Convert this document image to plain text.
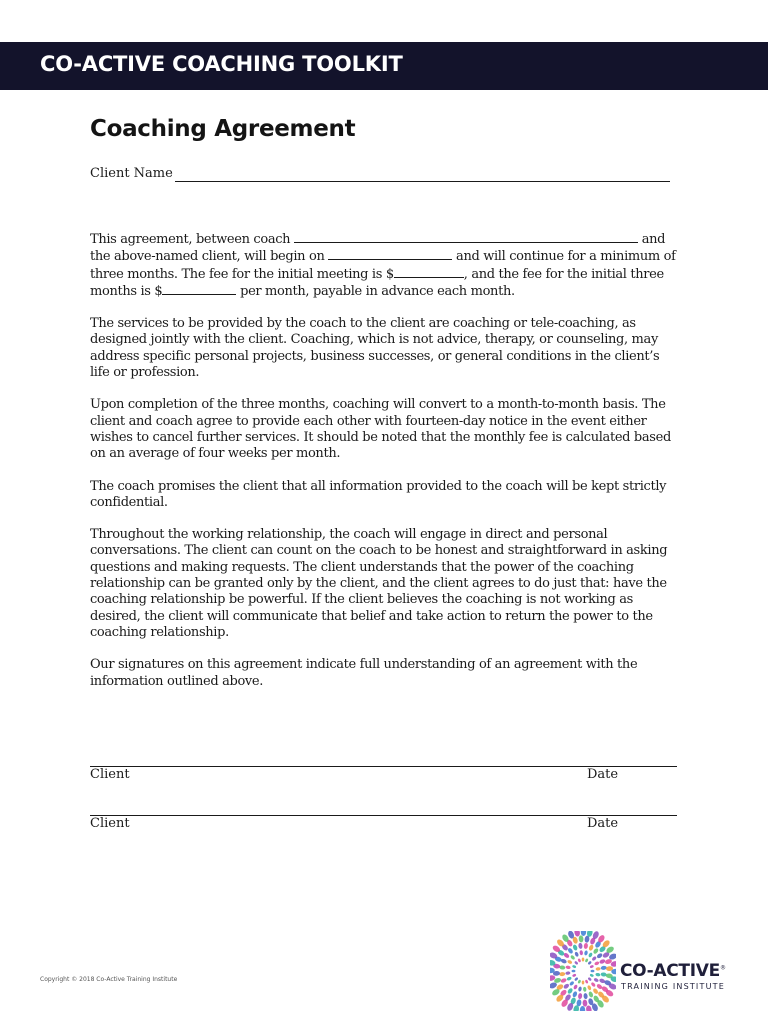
CO-ACTIVE COACHING TOOLKIT
Coaching Agreement
Client Name

This agreement, between coach	and the above-named client, will begin on	and will continue for a minimum of three months. The fee for the initial meeting is $	, and the fee for the initial three months is $	per month, payable in advance each month.

The services to be provided by the coach to the client are coaching or tele-coaching, as designed jointly with the client. Coaching, which is not advice, therapy, or counseling, may address specific personal projects, business successes, or general conditions in the client’s life or profession.

Upon completion of the three months, coaching will convert to a month-to-month basis. The client and coach agree to provide each other with fourteen-day notice in the event either wishes to cancel further services. It should be noted that the monthly fee is calculated based on an average of four weeks per month.

The coach promises the client that all information provided to the coach will be kept strictly confidential.

Throughout the working relationship, the coach will engage in direct and personal conversations. The client can count on the coach to be honest and straightforward in asking questions and making requests. The client understands that the power of the coaching relationship can be granted only by the client, and the client agrees to do just that: have the coaching relationship be powerful. If the client believes the coaching is not working as desired, the client will communicate that belief and take action to return the power to the coaching relationship.

Our signatures on this agreement indicate full understanding of an agreement with the information outlined above.

Client	Date
Client	Date
Copyright © 2018 Co-Active Training Institute	CO-ACTIVE®
TRAINING INSTITUTE
